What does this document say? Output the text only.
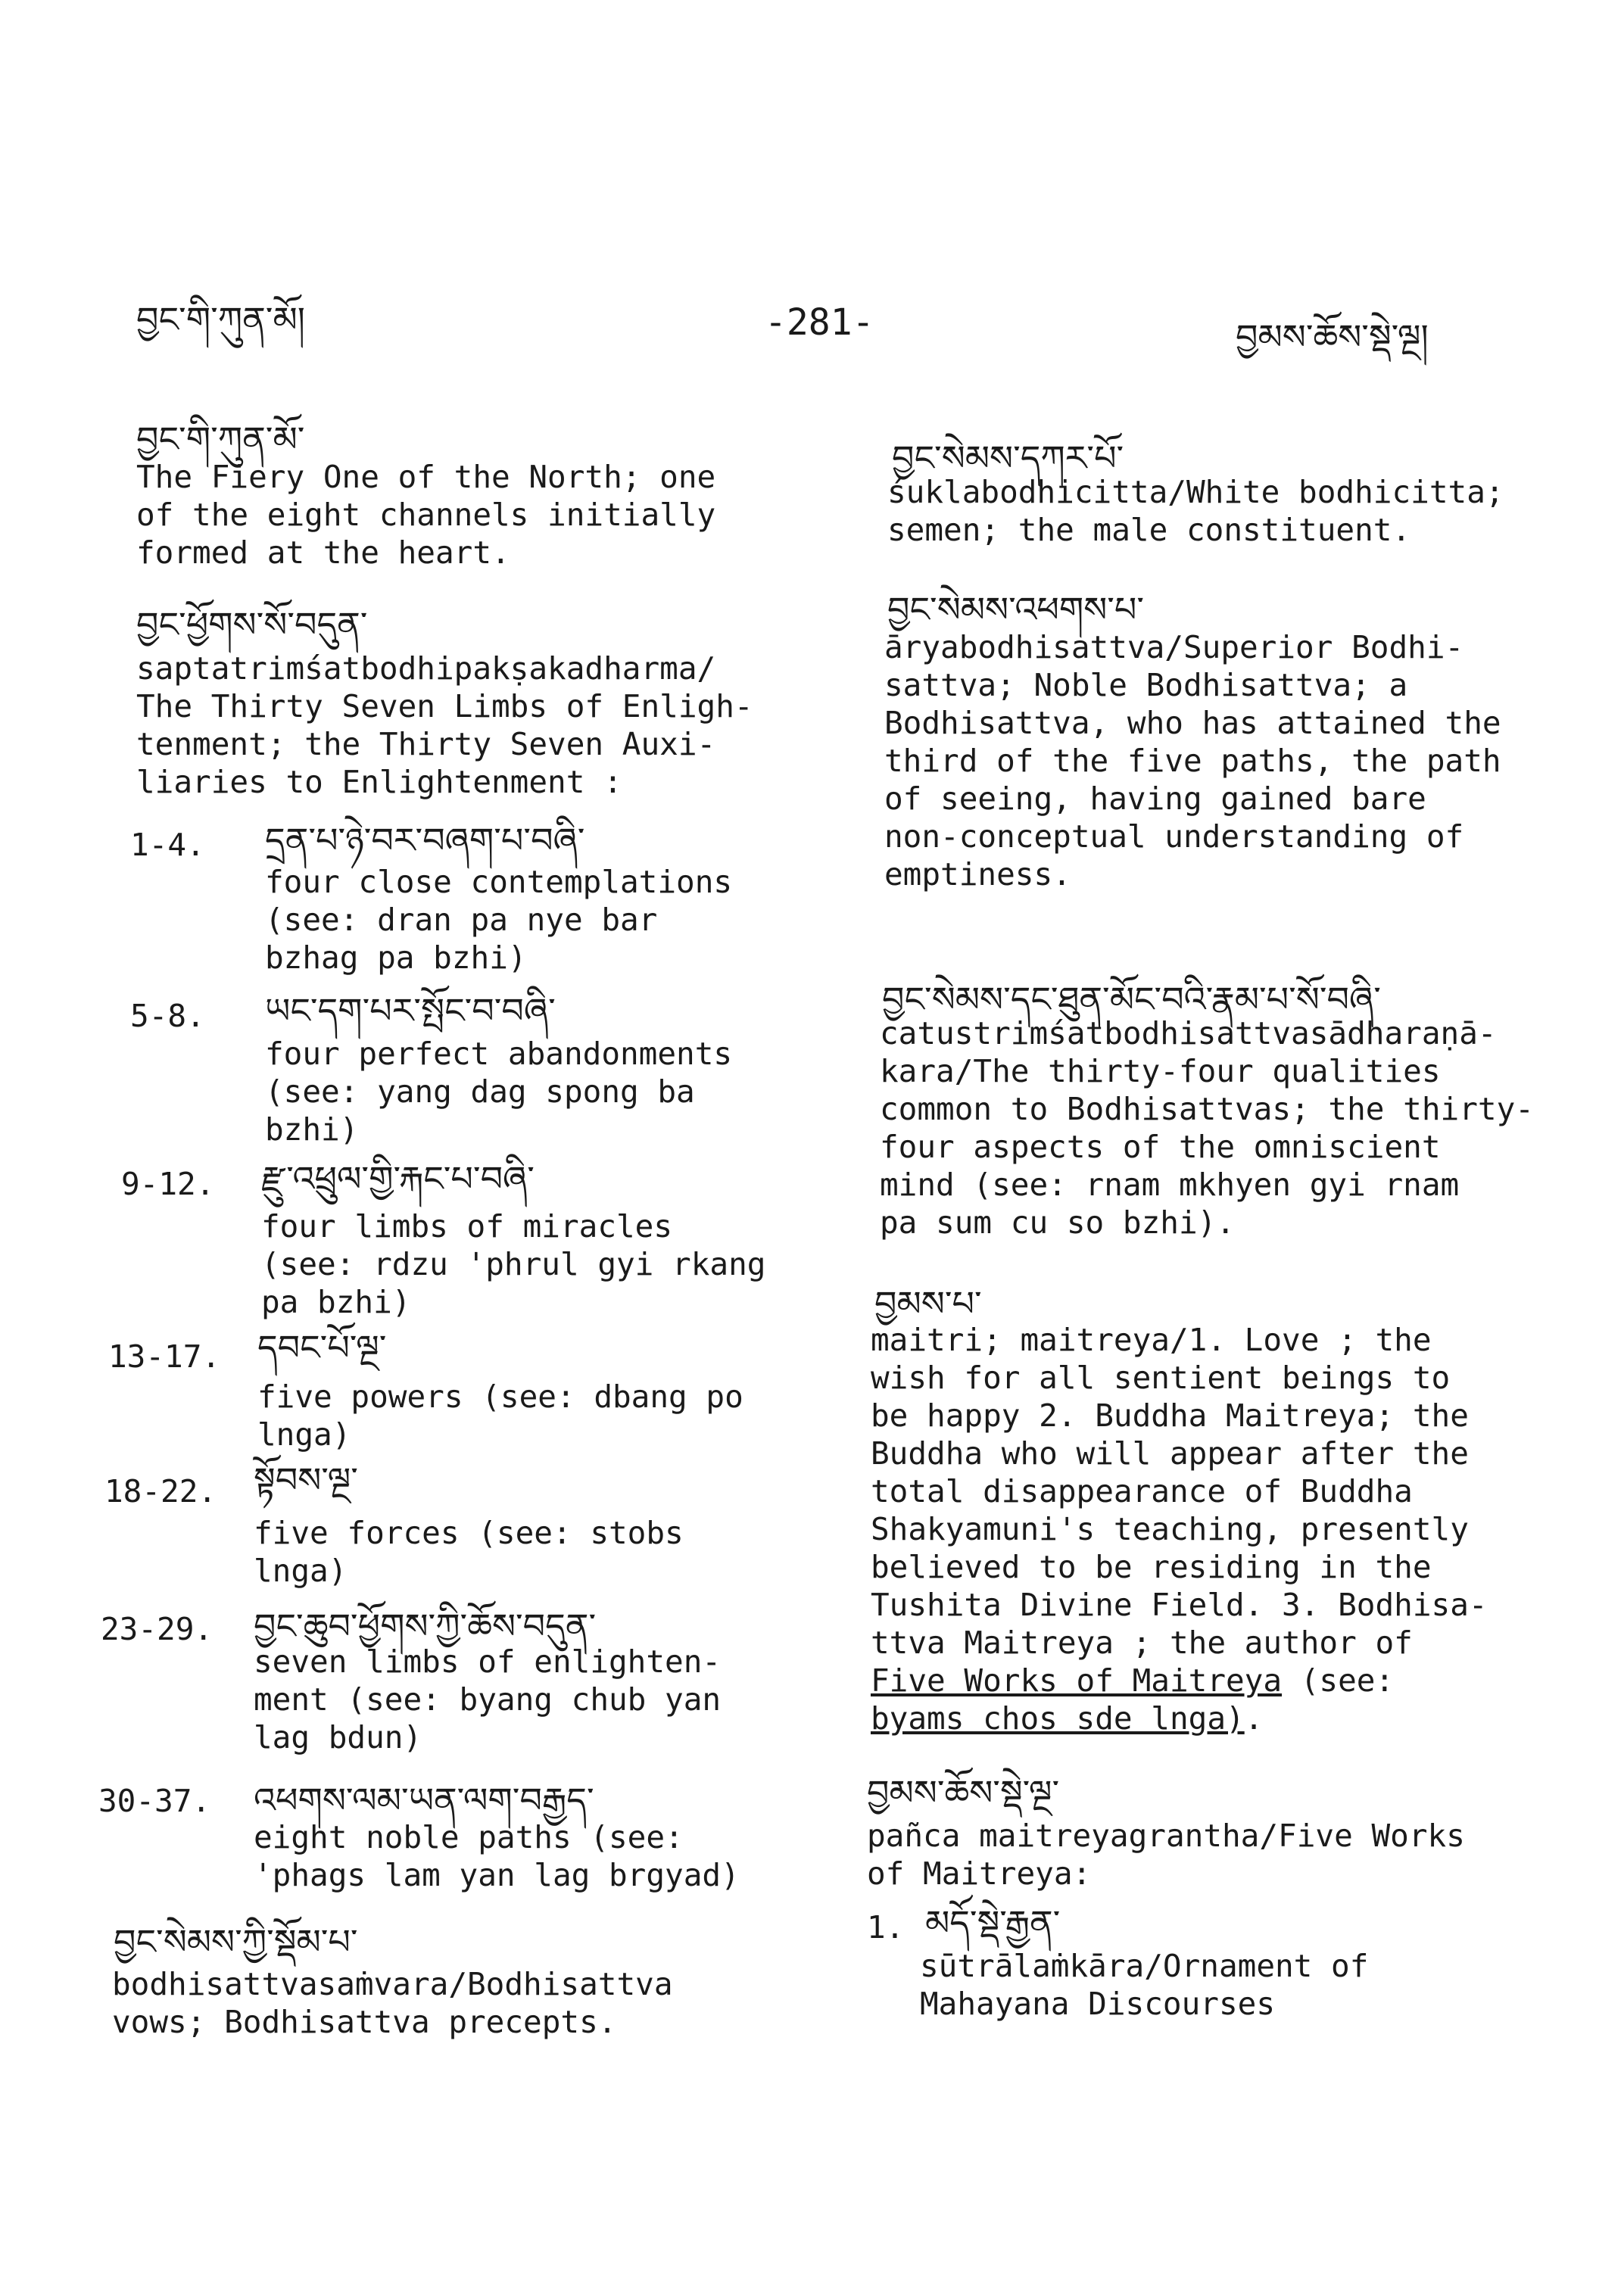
བྱང་གི་ཀུན་མོ།	-281-	བྱམས་ཆོས་སྡེ་ལྔ།
བྱང་གི་ཀུན་མོ་
The Fiery One of the North; one
of the eight channels initially
formed at the heart.
བྱང་ཕྱོགས་སོ་བདུན་
saptatrimśatbodhipakṣakadharma/
The Thirty Seven Limbs of Enligh-
tenment; the Thirty Seven Auxi-
liaries to Enlightenment :
1-4. དྲན་པ་ཉེ་བར་བཞག་པ་བཞི་
four close contemplations
(see: dran pa nye bar
bzhag pa bzhi)
5-8. ཡང་དག་པར་སྤོང་བ་བཞི་
four perfect abandonments
(see: yang dag spong ba
bzhi)
9-12. རྫུ་འཕྲུལ་གྱི་རྐང་པ་བཞི་
four limbs of miracles
(see: rdzu 'phrul gyi rkang
pa bzhi)
13-17. དབང་པོ་ལྔ་
five powers (see: dbang po
lnga)
18-22. སྟོབས་ལྔ་
five forces (see: stobs
lnga)
23-29. བྱང་ཆུབ་ཕྱོགས་ཀྱི་ཆོས་བདུན་
seven limbs of enlighten-
ment (see: byang chub yan
lag bdun)
30-37. འཕགས་ལམ་ཡན་ལག་བརྒྱད་
eight noble paths (see:
'phags lam yan lag brgyad)
བྱང་སེམས་ཀྱི་སྡོམ་པ་
bodhisattvasaṁvara/Bodhisattva
vows; Bodhisattva precepts.
བྱང་སེམས་དཀར་པོ་
śuklabodhicitta/White bodhicitta;
semen; the male constituent.
བྱང་སེམས་འཕགས་པ་
āryabodhisattva/Superior Bodhi-
sattva; Noble Bodhisattva; a
Bodhisattva, who has attained the
third of the five paths, the path
of seeing, having gained bare
non-conceptual understanding of
emptiness.
བྱང་སེམས་དང་ཐུན་མོང་བའི་རྣམ་པ་སོ་བཞི་
catustrimśatbodhisattvasādharaṇā-
kara/The thirty-four qualities
common to Bodhisattvas; the thirty-
four aspects of the omniscient
mind (see: rnam mkhyen gyi rnam
pa sum cu so bzhi).
བྱམས་པ་
maitri; maitreya/1. Love ; the
wish for all sentient beings to
be happy 2. Buddha Maitreya; the
Buddha who will appear after the
total disappearance of Buddha
Shakyamuni's teaching, presently
believed to be residing in the
Tushita Divine Field. 3. Bodhisa-
ttva Maitreya ; the author of
Five Works of Maitreya (see:
byams chos sde lnga).
བྱམས་ཆོས་སྡེ་ལྔ་
pañca maitreyagrantha/Five Works
of Maitreya:
1. མདོ་སྡེ་རྒྱན་
sūtrālaṁkāra/Ornament of
Mahayana Discourses
